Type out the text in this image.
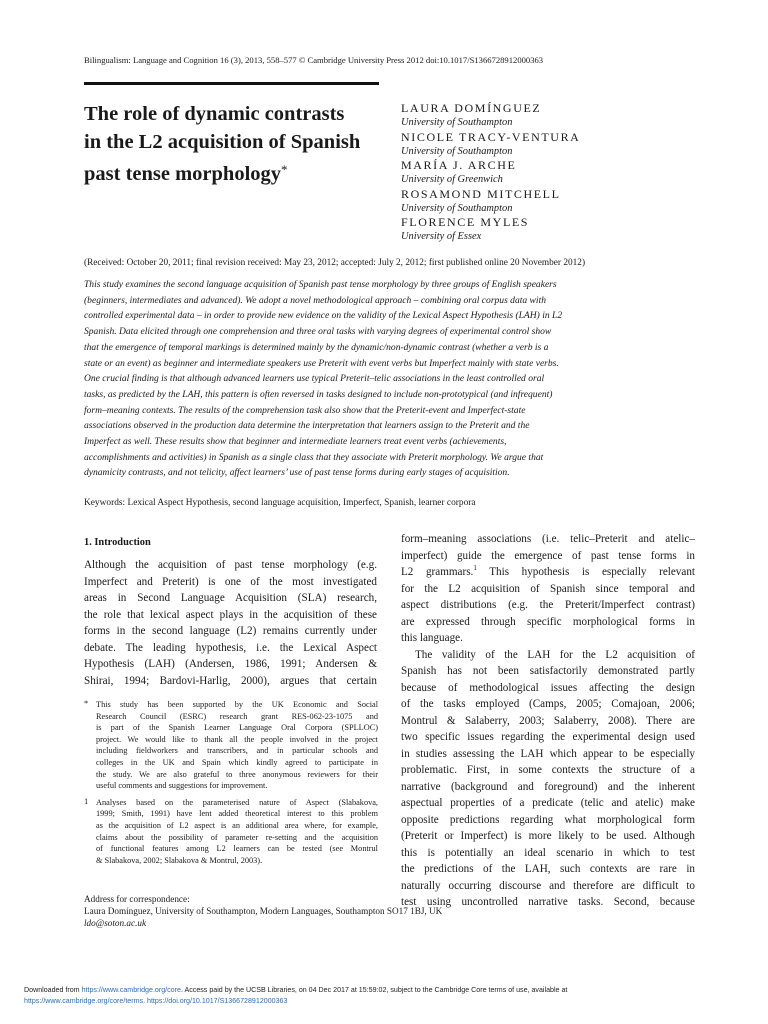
Bilingualism: Language and Cognition 16 (3), 2013, 558–577 © Cambridge University Press 2012 doi:10.1017/S1366728912000363
The role of dynamic contrasts
in the L2 acquisition of Spanish
past tense morphology*
LAURA DOMÍNGUEZ
University of Southampton
NICOLE TRACY-VENTURA
University of Southampton
MARÍA J. ARCHE
University of Greenwich
ROSAMOND MITCHELL
University of Southampton
FLORENCE MYLES
University of Essex
(Received: October 20, 2011; final revision received: May 23, 2012; accepted: July 2, 2012; first published online 20 November 2012)
This study examines the second language acquisition of Spanish past tense morphology by three groups of English speakers
(beginners, intermediates and advanced). We adopt a novel methodological approach – combining oral corpus data with
controlled experimental data – in order to provide new evidence on the validity of the Lexical Aspect Hypothesis (LAH) in L2
Spanish. Data elicited through one comprehension and three oral tasks with varying degrees of experimental control show
that the emergence of temporal markings is determined mainly by the dynamic/non-dynamic contrast (whether a verb is a
state or an event) as beginner and intermediate speakers use Preterit with event verbs but Imperfect mainly with state verbs.
One crucial finding is that although advanced learners use typical Preterit–telic associations in the least controlled oral
tasks, as predicted by the LAH, this pattern is often reversed in tasks designed to include non-prototypical (and infrequent)
form–meaning contexts. The results of the comprehension task also show that the Preterit-event and Imperfect-state
associations observed in the production data determine the interpretation that learners assign to the Preterit and the
Imperfect as well. These results show that beginner and intermediate learners treat event verbs (achievements,
accomplishments and activities) in Spanish as a single class that they associate with Preterit morphology. We argue that
dynamicity contrasts, and not telicity, affect learners’ use of past tense forms during early stages of acquisition.
Keywords: Lexical Aspect Hypothesis, second language acquisition, Imperfect, Spanish, learner corpora
1. Introduction
Although the acquisition of past tense morphology (e.g.
Imperfect and Preterit) is one of the most investigated
areas in Second Language Acquisition (SLA) research,
the role that lexical aspect plays in the acquisition of these
forms in the second language (L2) remains currently under
debate. The leading hypothesis, i.e. the Lexical Aspect
Hypothesis (LAH) (Andersen, 1986, 1991; Andersen &
Shirai, 1994; Bardovi-Harlig, 2000), argues that certain
* This study has been supported by the UK Economic and Social
Research Council (ESRC) research grant RES-062-23-1075 and
is part of the Spanish Learner Language Oral Corpora (SPLLOC)
project. We would like to thank all the people involved in the project
including fieldworkers and transcribers, and in particular schools and
colleges in the UK and Spain which kindly agreed to participate in
the study. We are also grateful to three anonymous reviewers for their
useful comments and suggestions for improvement.
1 Analyses based on the parameterised nature of Aspect (Slabakova,
1999; Smith, 1991) have lent added theoretical interest to this problem
as the acquisition of L2 aspect is an additional area where, for example,
claims about the possibility of parameter re-setting and the acquisition
of functional features among L2 learners can be tested (see Montrul
& Slabakova, 2002; Slabakova & Montrul, 2003).
form–meaning associations (i.e. telic–Preterit and atelic–
imperfect) guide the emergence of past tense forms in
L2 grammars.$^1$ This hypothesis is especially relevant
for the L2 acquisition of Spanish since temporal and
aspect distributions (e.g. the Preterit/Imperfect contrast)
are expressed through specific morphological forms in
this language.
The validity of the LAH for the L2 acquisition of
Spanish has not been satisfactorily demonstrated partly
because of methodological issues affecting the design
of the tasks employed (Camps, 2005; Comajoan, 2006;
Montrul & Salaberry, 2003; Salaberry, 2008). There are
two specific issues regarding the experimental design used
in studies assessing the LAH which appear to be especially
problematic. First, in some contexts the structure of a
narrative (background and foreground) and the inherent
aspectual properties of a predicate (telic and atelic) make
opposite predictions regarding what morphological form
(Preterit or Imperfect) is more likely to be used. Although
this is potentially an ideal scenario in which to test
the predictions of the LAH, such contexts are rare in
naturally occurring discourse and therefore are difficult to
test using uncontrolled narrative tasks. Second, because
Address for correspondence:
Laura Domínguez, University of Southampton, Modern Languages, Southampton SO17 1BJ, UK
ldo@soton.ac.uk
Downloaded from https://www.cambridge.org/core. Access paid by the UCSB Libraries, on 04 Dec 2017 at 15:59:02, subject to the Cambridge Core terms of use, available at
https://www.cambridge.org/core/terms. https://doi.org/10.1017/S1366728912000363
